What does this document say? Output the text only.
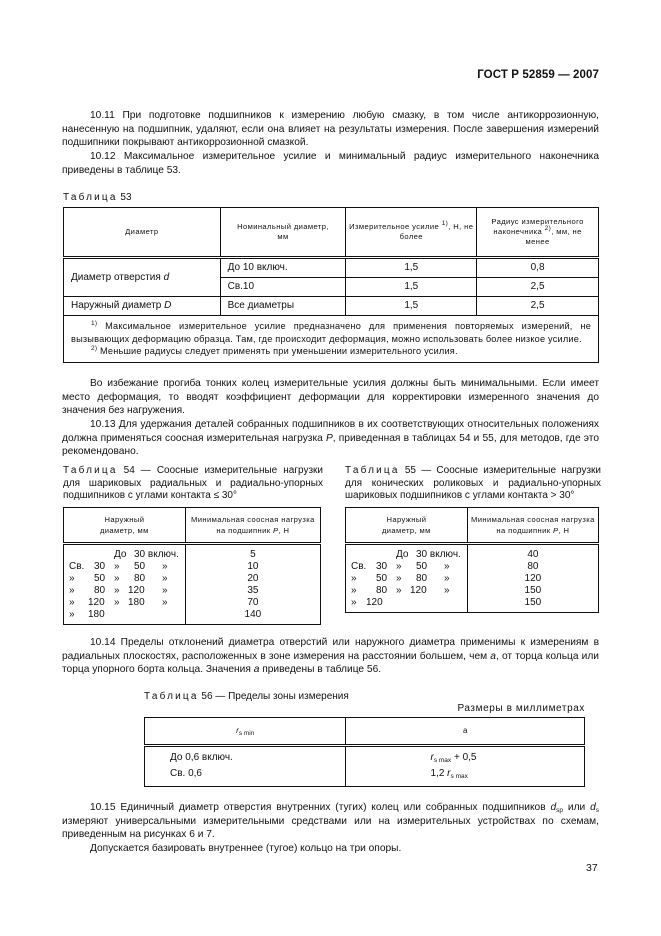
ГОСТ Р 52859 — 2007
10.11 При подготовке подшипников к измерению любую смазку, в том числе антикоррозионную, нанесенную на подшипник, удаляют, если она влияет на результаты измерения. После завершения измерений подшипники покрывают антикоррозионной смазкой.
10.12 Максимальное измерительное усилие и минимальный радиус измерительного наконечника приведены в таблице 53.
Таблица 53
Диаметр	Номинальный диаметр, мм	Измерительное усилие $^{1)}$, Н, не более	Радиус измерительного наконечника $^{2)}$, мм, не менее
Диаметр отверстия d	До 10 включ.	1,5	0,8
	Св.10	1,5	2,5
Наружный диаметр D	Все диаметры	1,5	2,5

$^{1)}$ Максимальное измерительное усилие предназначено для применения повторяемых измерений, не вызывающих деформацию образца. Там, где происходит деформация, можно использовать более низкое усилие.
$^{2)}$ Меньшие радиусы следует применять при уменьшении измерительного усилия.			
Во избежание прогиба тонких колец измерительные усилия должны быть минимальными. Если имеет место деформация, то вводят коэффициент деформации для корректировки измеренного значения до значения без нагружения.
10.13 Для удержания деталей собранных подшипников в их соответствующих относительных положениях должна применяться соосная измерительная нагрузка P, приведенная в таблицах 54 и 55, для методов, где это рекомендовано.
Таблица 54 — Соосные измерительные нагрузки для шариковых радиальных и радиально-упорных подшипников с углами контакта ≤ 30°
Таблица 55 — Соосные измерительные нагрузки для конических роликовых и радиально-упорных шариковых подшипников с углами контакта > 30°
Наружный диаметр, мм	Минимальная соосная нагрузка на подшипник P, Н

До 30 включ.	5

Св. 30 » 50 »	10

» 50 » 80 »	20

» 80 » 120 »	35

» 120 » 180 »	70

» 180	140
Наружный диаметр, мм	Минимальная соосная нагрузка на подшипник P, Н

До 30 включ.	40

Св. 30 » 50 »	80

» 50 » 80 »	120

» 80 » 120 »	150

» 120	150
10.14 Пределы отклонений диаметра отверстий или наружного диаметра применимы к измерениям в радиальных плоскостях, расположенных в зоне измерения на расстоянии большем, чем a, от торца кольца или торца упорного борта кольца. Значения a приведены в таблице 56.
Таблица 56 — Пределы зоны измерения
Размеры в миллиметрах
$r_{s min}$	a
До 0,6 включ.	$r_{s max} + 0,5$
Св. 0,6	1,2 $r_{s max}$
10.15 Единичный диаметр отверстия внутренних (тугих) колец или собранных подшипников $d_{sp}$ или $d_s$ измеряют универсальными измерительными средствами или на измерительных устройствах по схемам, приведенным на рисунках 6 и 7.
Допускается базировать внутреннее (тугое) кольцо на три опоры.
37
